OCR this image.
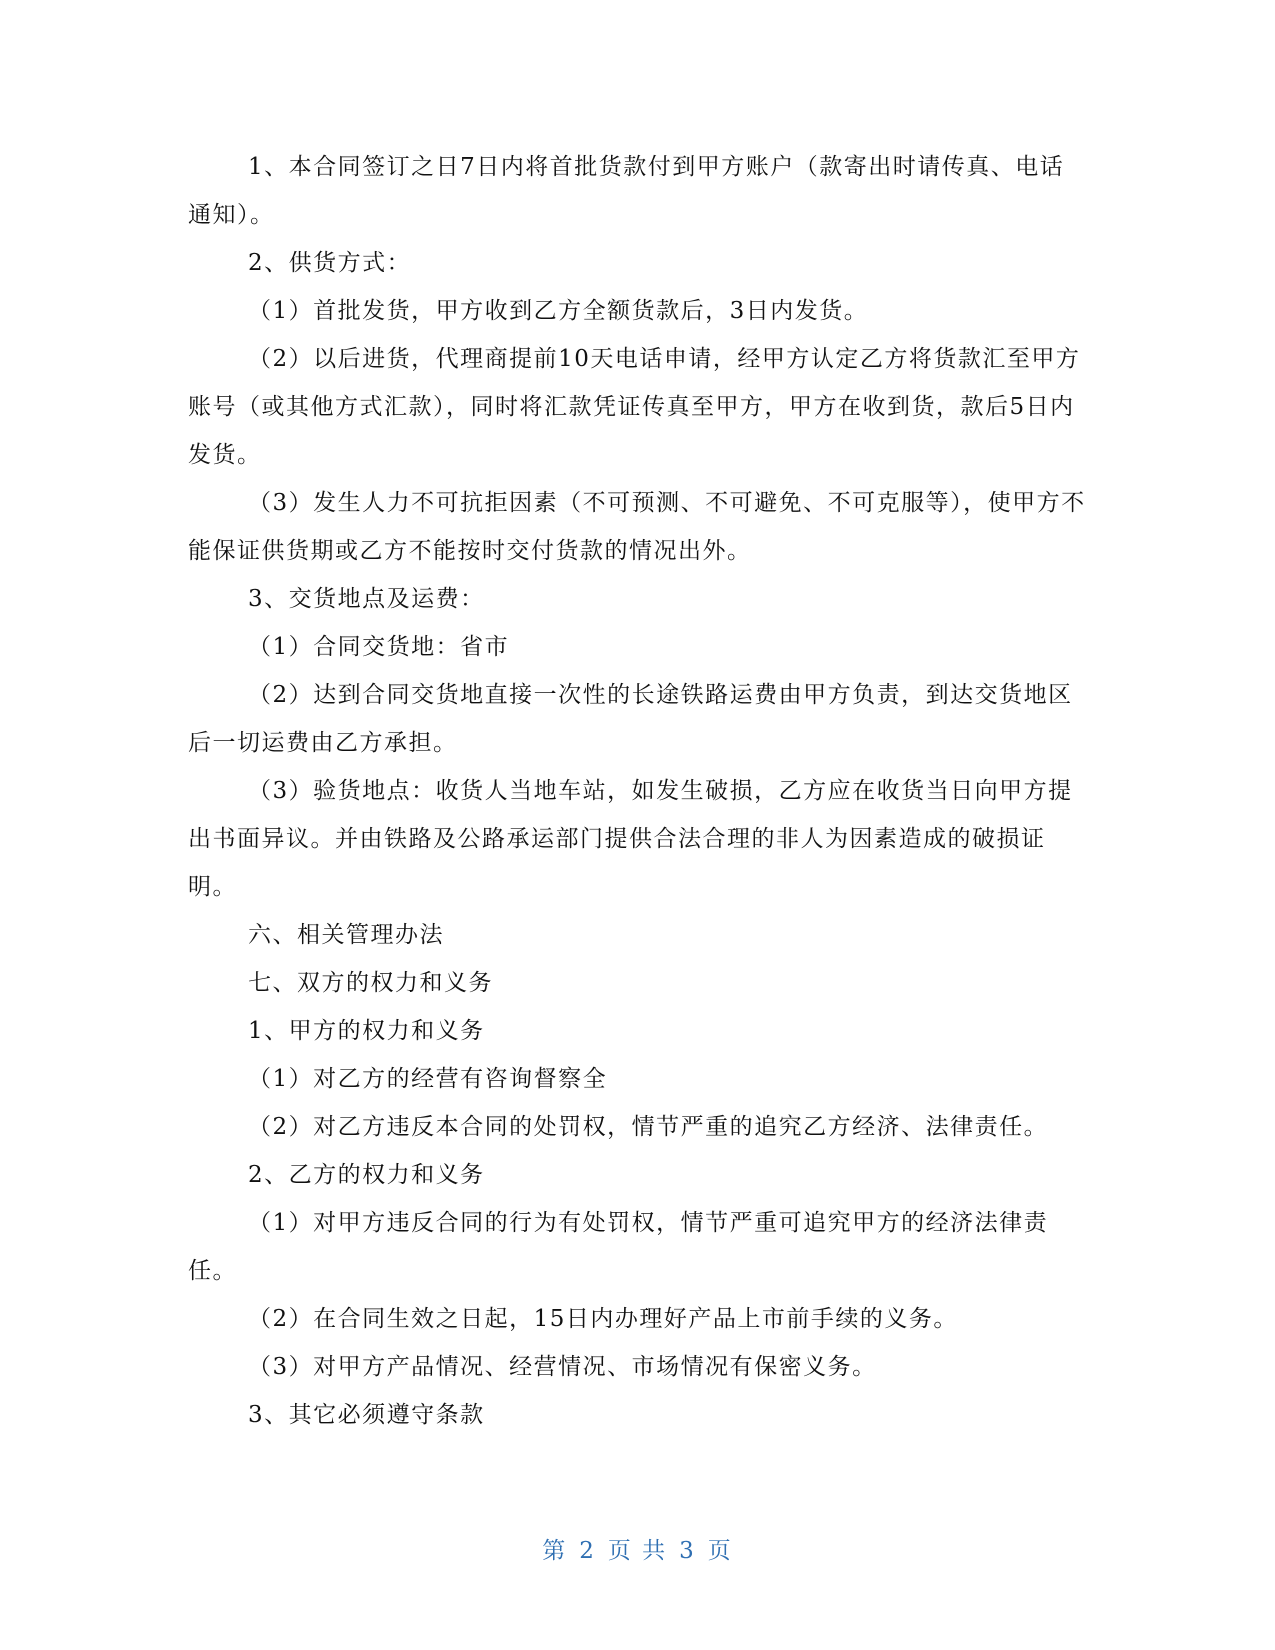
1、本合同签订之日7日内将首批货款付到甲方账户（款寄出时请传真、电话通知）。

2、供货方式：

（1）首批发货，甲方收到乙方全额货款后，3日内发货。

（2）以后进货，代理商提前10天电话申请，经甲方认定乙方将货款汇至甲方账号（或其他方式汇款），同时将汇款凭证传真至甲方，甲方在收到货，款后5日内发货。

（3）发生人力不可抗拒因素（不可预测、不可避免、不可克服等），使甲方不能保证供货期或乙方不能按时交付货款的情况出外。

3、交货地点及运费：

（1）合同交货地：省市

（2）达到合同交货地直接一次性的长途铁路运费由甲方负责，到达交货地区后一切运费由乙方承担。

（3）验货地点：收货人当地车站，如发生破损，乙方应在收货当日向甲方提出书面异议。并由铁路及公路承运部门提供合法合理的非人为因素造成的破损证明。

六、相关管理办法

七、双方的权力和义务

1、甲方的权力和义务

（1）对乙方的经营有咨询督察全

（2）对乙方违反本合同的处罚权，情节严重的追究乙方经济、法律责任。

2、乙方的权力和义务

（1）对甲方违反合同的行为有处罚权，情节严重可追究甲方的经济法律责任。

（2）在合同生效之日起，15日内办理好产品上市前手续的义务。

（3）对甲方产品情况、经营情况、市场情况有保密义务。

3、其它必须遵守条款

第 2 页 共 3 页
